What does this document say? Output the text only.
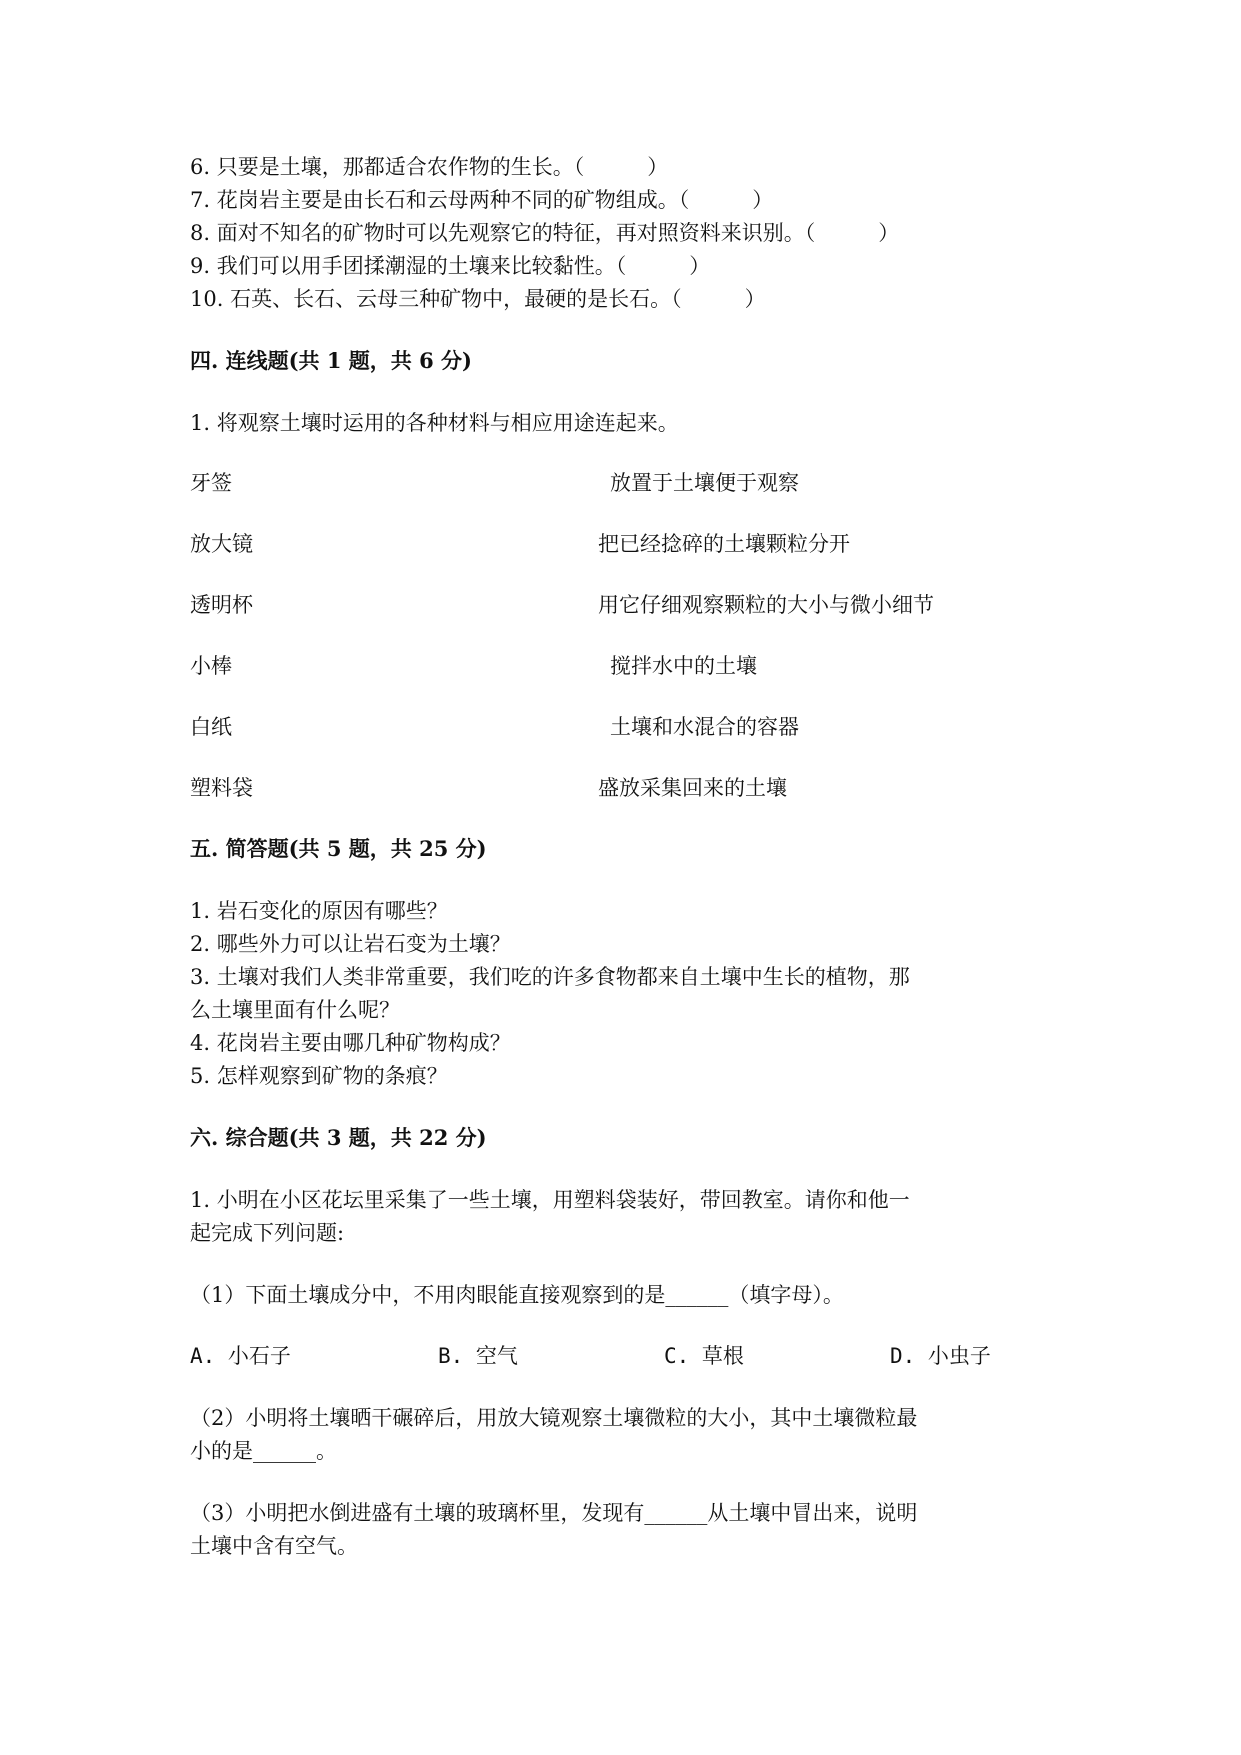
6. 只要是土壤，那都适合农作物的生长。（　　　）
7. 花岗岩主要是由长石和云母两种不同的矿物组成。（　　　）
8. 面对不知名的矿物时可以先观察它的特征，再对照资料来识别。（　　　）
9. 我们可以用手团揉潮湿的土壤来比较黏性。（　　　）
10. 石英、长石、云母三种矿物中，最硬的是长石。（　　　）
四. 连线题(共 1 题，共 6 分)
1. 将观察土壤时运用的各种材料与相应用途连起来。
牙签	放置于土壤便于观察
放大镜	把已经捻碎的土壤颗粒分开
透明杯	用它仔细观察颗粒的大小与微小细节
小棒	搅拌水中的土壤
白纸	土壤和水混合的容器
塑料袋	盛放采集回来的土壤
五. 简答题(共 5 题，共 25 分)
1. 岩石变化的原因有哪些？
2. 哪些外力可以让岩石变为土壤？
3. 土壤对我们人类非常重要，我们吃的许多食物都来自土壤中生长的植物，那
么土壤里面有什么呢？
4. 花岗岩主要由哪几种矿物构成？
5. 怎样观察到矿物的条痕？
六. 综合题(共 3 题，共 22 分)
1. 小明在小区花坛里采集了一些土壤，用塑料袋装好，带回教室。请你和他一
起完成下列问题:
（1）下面土壤成分中，不用肉眼能直接观察到的是______（填字母）。
A. 小石子	B. 空气	C. 草根	D. 小虫子
（2）小明将土壤晒干碾碎后，用放大镜观察土壤微粒的大小，其中土壤微粒最
小的是______。
（3）小明把水倒进盛有土壤的玻璃杯里，发现有______从土壤中冒出来，说明
土壤中含有空气。
